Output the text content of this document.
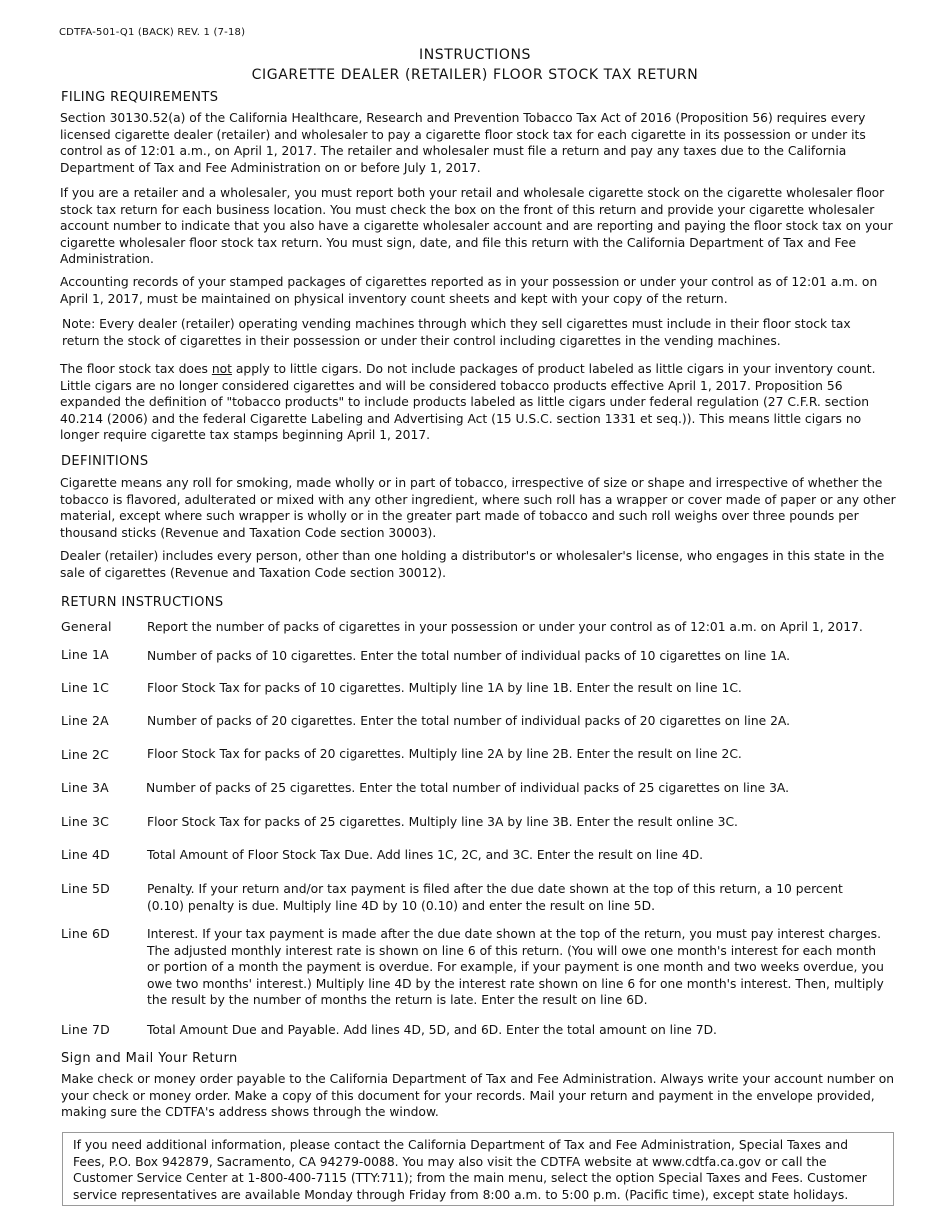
CDTFA-501-Q1 (BACK) REV. 1 (7-18)
INSTRUCTIONS
CIGARETTE DEALER (RETAILER) FLOOR STOCK TAX RETURN
FILING REQUIREMENTS

Section 30130.52(a) of the California Healthcare, Research and Prevention Tobacco Tax Act of 2016 (Proposition 56) requires every licensed cigarette dealer (retailer) and wholesaler to pay a cigarette floor stock tax for each cigarette in its possession or under its control as of 12:01 a.m., on April 1, 2017. The retailer and wholesaler must file a return and pay any taxes due to the California Department of Tax and Fee Administration on or before July 1, 2017.

If you are a retailer and a wholesaler, you must report both your retail and wholesale cigarette stock on the cigarette wholesaler floor stock tax return for each business location. You must check the box on the front of this return and provide your cigarette wholesaler account number to indicate that you also have a cigarette wholesaler account and are reporting and paying the floor stock tax on your cigarette wholesaler floor stock tax return. You must sign, date, and file this return with the California Department of Tax and Fee Administration.

Accounting records of your stamped packages of cigarettes reported as in your possession or under your control as of 12:01 a.m. on April 1, 2017, must be maintained on physical inventory count sheets and kept with your copy of the return.

Note: Every dealer (retailer) operating vending machines through which they sell cigarettes must include in their floor stock tax return the stock of cigarettes in their possession or under their control including cigarettes in the vending machines.

The floor stock tax does not apply to little cigars. Do not include packages of product labeled as little cigars in your inventory count. Little cigars are no longer considered cigarettes and will be considered tobacco products effective April 1, 2017. Proposition 56 expanded the definition of "tobacco products" to include products labeled as little cigars under federal regulation (27 C.F.R. section 40.214 (2006) and the federal Cigarette Labeling and Advertising Act (15 U.S.C. section 1331 et seq.)). This means little cigars no longer require cigarette tax stamps beginning April 1, 2017.

DEFINITIONS

Cigarette means any roll for smoking, made wholly or in part of tobacco, irrespective of size or shape and irrespective of whether the tobacco is flavored, adulterated or mixed with any other ingredient, where such roll has a wrapper or cover made of paper or any other material, except where such wrapper is wholly or in the greater part made of tobacco and such roll weighs over three pounds per thousand sticks (Revenue and Taxation Code section 30003).

Dealer (retailer) includes every person, other than one holding a distributor's or wholesaler's license, who engages in this state in the sale of cigarettes (Revenue and Taxation Code section 30012).

RETURN INSTRUCTIONS
General	Report the number of packs of cigarettes in your possession or under your control as of 12:01 a.m. on April 1, 2017.
Line 1A	Number of packs of 10 cigarettes. Enter the total number of individual packs of 10 cigarettes on line 1A.
Line 1C	Floor Stock Tax for packs of 10 cigarettes. Multiply line 1A by line 1B. Enter the result on line 1C.
Line 2A	Number of packs of 20 cigarettes. Enter the total number of individual packs of 20 cigarettes on line 2A.
Line 2C	Floor Stock Tax for packs of 20 cigarettes. Multiply line 2A by line 2B. Enter the result on line 2C.
Line 3A	Number of packs of 25 cigarettes. Enter the total number of individual packs of 25 cigarettes on line 3A.
Line 3C	Floor Stock Tax for packs of 25 cigarettes. Multiply line 3A by line 3B. Enter the result online 3C.
Line 4D	Total Amount of Floor Stock Tax Due. Add lines 1C, 2C, and 3C. Enter the result on line 4D.
Line 5D	Penalty. If your return and/or tax payment is filed after the due date shown at the top of this return, a 10 percent (0.10) penalty is due. Multiply line 4D by 10 (0.10) and enter the result on line 5D.
Line 6D	Interest. If your tax payment is made after the due date shown at the top of the return, you must pay interest charges. The adjusted monthly interest rate is shown on line 6 of this return. (You will owe one month's interest for each month or portion of a month the payment is overdue. For example, if your payment is one month and two weeks overdue, you owe two months' interest.) Multiply line 4D by the interest rate shown on line 6 for one month's interest. Then, multiply the result by the number of months the return is late. Enter the result on line 6D.
Line 7D	Total Amount Due and Payable. Add lines 4D, 5D, and 6D. Enter the total amount on line 7D.
Sign and Mail Your Return

Make check or money order payable to the California Department of Tax and Fee Administration. Always write your account number on your check or money order. Make a copy of this document for your records. Mail your return and payment in the envelope provided, making sure the CDTFA's address shows through the window.

If you need additional information, please contact the California Department of Tax and Fee Administration, Special Taxes and Fees, P.O. Box 942879, Sacramento, CA 94279-0088. You may also visit the CDTFA website at www.cdtfa.ca.gov or call the Customer Service Center at 1-800-400-7115 (TTY:711); from the main menu, select the option Special Taxes and Fees. Customer service representatives are available Monday through Friday from 8:00 a.m. to 5:00 p.m. (Pacific time), except state holidays.
